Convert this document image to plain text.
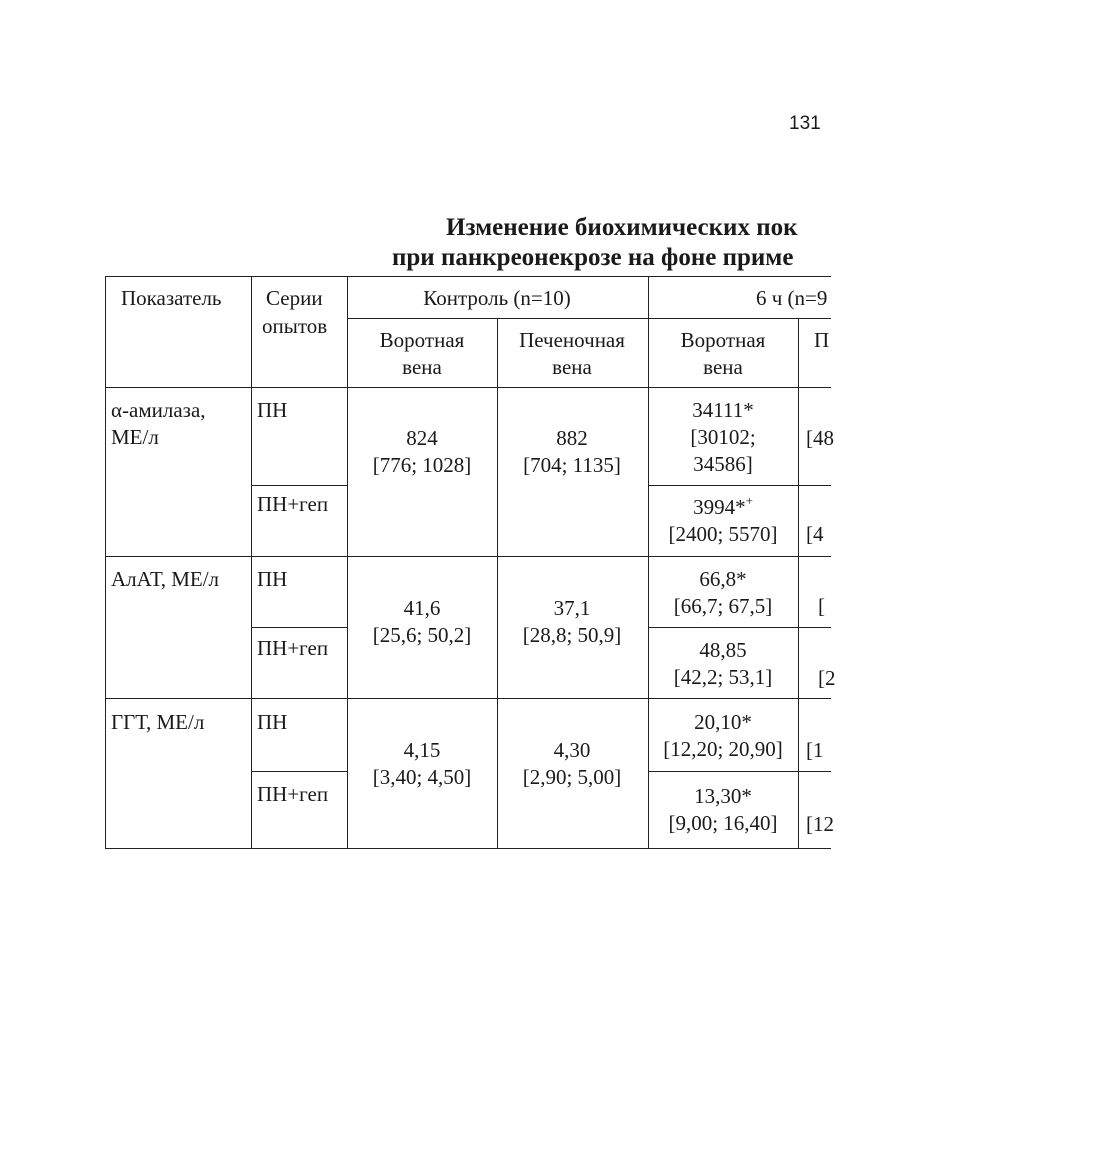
131
Изменение биохимических пок
при панкреонекрозе на фоне приме
Показатель Серии
опытов
Контроль (n=10)	6 ч (n=9
Воротная
вена
Печеночная
вена
Воротная
вена
П
α-амилаза,
МЕ/л
ПН
ПН+геп
824
[776; 1028]
882
[704; 1135]
34111*
[30102;
34586]
[48
3994*+
[2400; 5570] [4
АлАТ, МЕ/л ПН
ПН+геп
41,6
[25,6; 50,2]
37,1
[28,8; 50,9]
66,8*
[66,7; 67,5] [
48,85
[42,2; 53,1] [2
ГГТ, МЕ/л	ПН
ПН+геп
4,15
[3,40; 4,50]
4,30
[2,90; 5,00]
20,10*
[12,20; 20,90] [1
13,30*
[9,00; 16,40] [12
